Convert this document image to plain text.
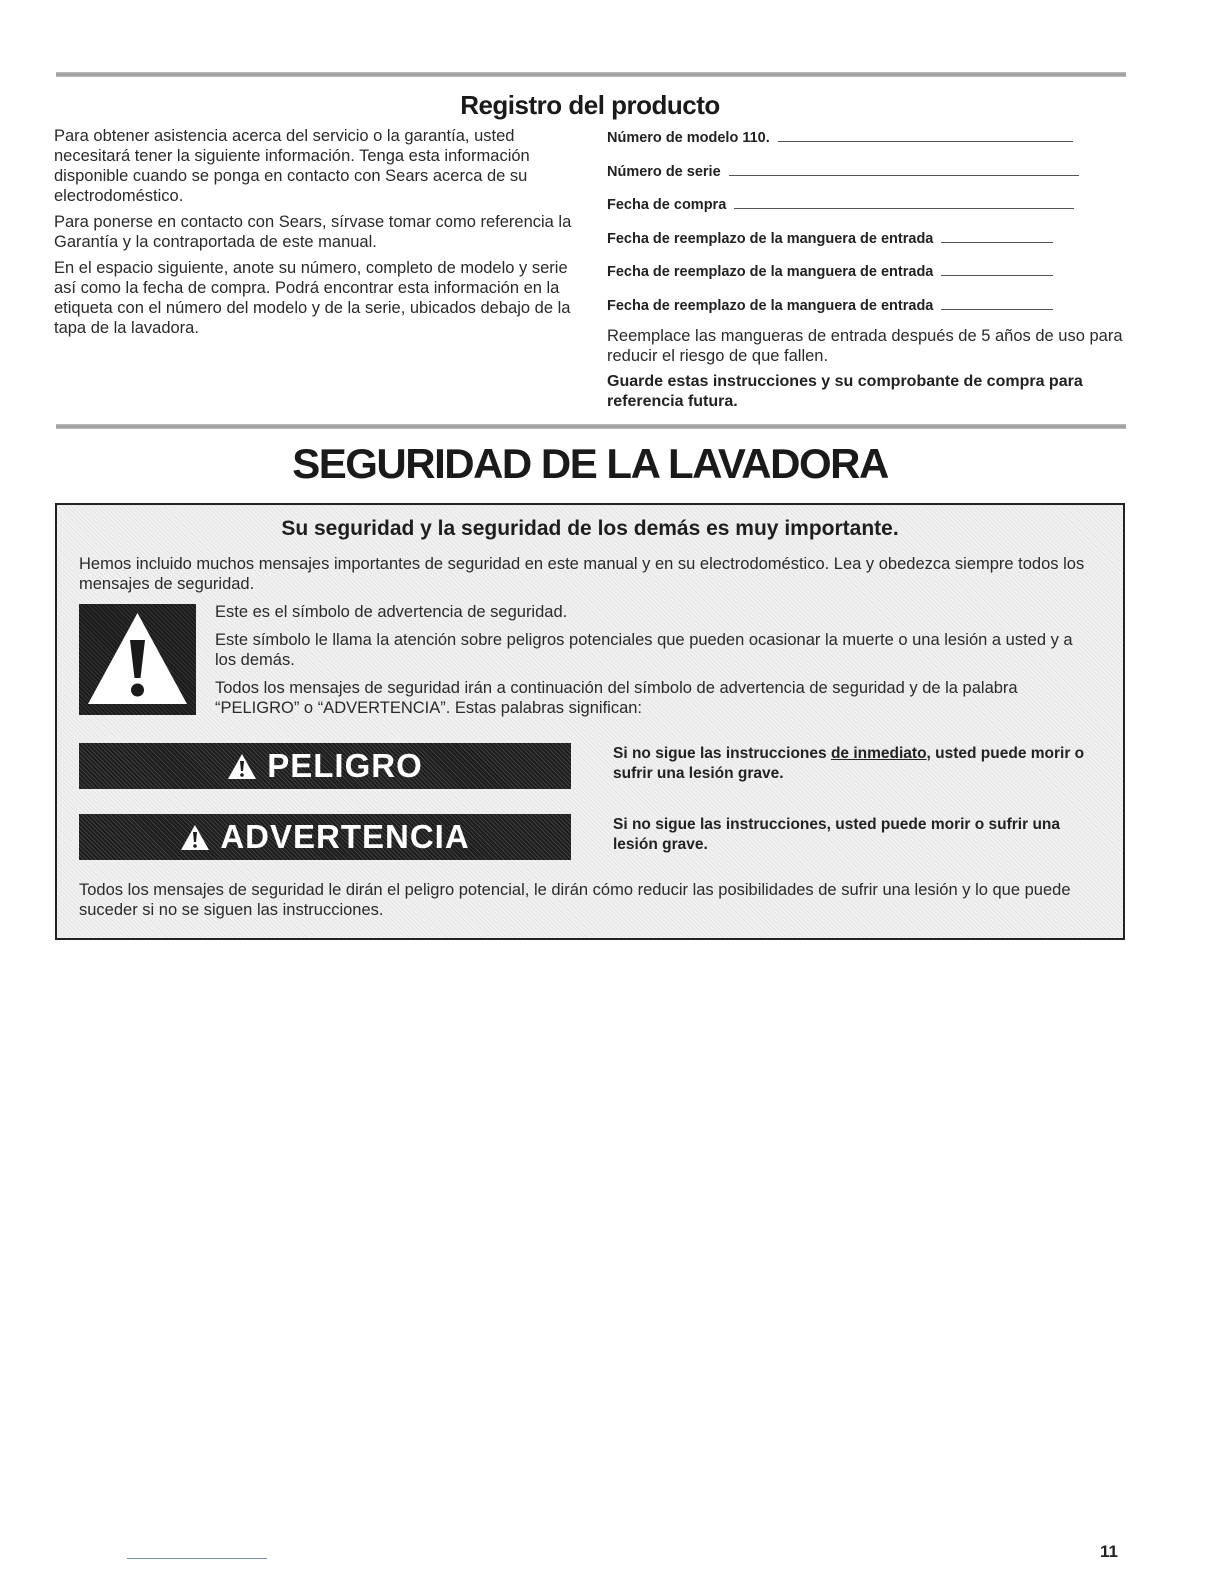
Registro del producto

Para obtener asistencia acerca del servicio o la garantía, usted necesitará tener la siguiente información. Tenga esta información disponible cuando se ponga en contacto con Sears acerca de su electrodoméstico.

Para ponerse en contacto con Sears, sírvase tomar como referencia la Garantía y la contraportada de este manual.

En el espacio siguiente, anote su número, completo de modelo y serie así como la fecha de compra. Podrá encontrar esta información en la etiqueta con el número del modelo y de la serie, ubicados debajo de la tapa de la lavadora.

Número de modelo 110.
Número de serie
Fecha de compra
Fecha de reemplazo de la manguera de entrada
Fecha de reemplazo de la manguera de entrada
Fecha de reemplazo de la manguera de entrada

Reemplace las mangueras de entrada después de 5 años de uso para reducir el riesgo de que fallen.

Guarde estas instrucciones y su comprobante de compra para referencia futura.

SEGURIDAD DE LA LAVADORA
Su seguridad y la seguridad de los demás es muy importante.
Hemos incluido muchos mensajes importantes de seguridad en este manual y en su electrodoméstico. Lea y obedezca siempre todos los mensajes de seguridad.
Este es el símbolo de advertencia de seguridad.
Este símbolo le llama la atención sobre peligros potenciales que pueden ocasionar la muerte o una lesión a usted y a los demás.
Todos los mensajes de seguridad irán a continuación del símbolo de advertencia de seguridad y de la palabra “PELIGRO” o “ADVERTENCIA”. Estas palabras significan:
PELIGRO	Si no sigue las instrucciones de inmediato, usted puede morir o sufrir una lesión grave.
ADVERTENCIA	Si no sigue las instrucciones, usted puede morir o sufrir una lesión grave.
Todos los mensajes de seguridad le dirán el peligro potencial, le dirán cómo reducir las posibilidades de sufrir una lesión y lo que puede suceder si no se siguen las instrucciones.
11
